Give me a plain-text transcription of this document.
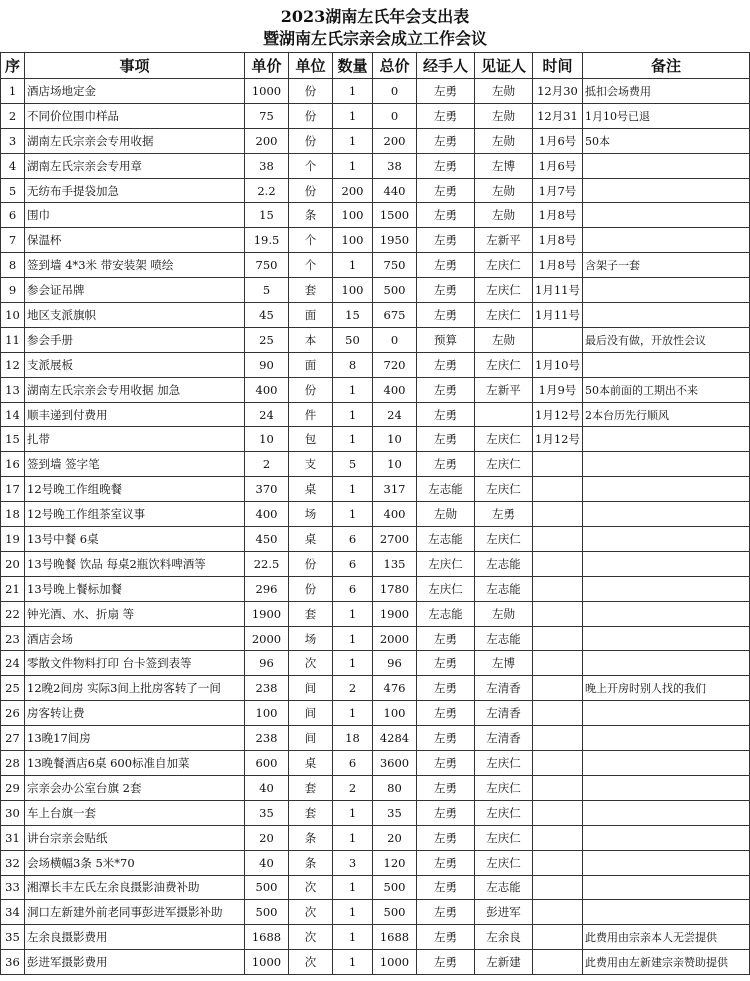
2023湖南左氏年会支出表
暨湖南左氏宗亲会成立工作会议
序	事项	单价	单位	数量	总价	经手人	见证人	时间	备注
1	酒店场地定金	1000	份	1	0	左勇	左勋	12月30	抵扣会场费用
2	不同价位围巾样品	75	份	1	0	左勇	左勋	12月31	1月10号已退
3	湖南左氏宗亲会专用收据	200	份	1	200	左勇	左勋	1月6号	50本
4	湖南左氏宗亲会专用章	38	个	1	38	左勇	左博	1月6号	
5	无纺布手提袋加急	2.2	份	200	440	左勇	左勋	1月7号	
6	围巾	15	条	100	1500	左勇	左勋	1月8号	
7	保温杯	19.5	个	100	1950	左勇	左新平	1月8号	
8	签到墙 4*3米 带安装架 喷绘	750	个	1	750	左勇	左庆仁	1月8号	含架子一套
9	参会证吊牌	5	套	100	500	左勇	左庆仁	1月11号	
10	地区支派旗帜	45	面	15	675	左勇	左庆仁	1月11号	
11	参会手册	25	本	50	0	预算	左勋		最后没有做，开放性会议
12	支派展板	90	面	8	720	左勇	左庆仁	1月10号	
13	湖南左氏宗亲会专用收据 加急	400	份	1	400	左勇	左新平	1月9号	50本前面的工期出不来
14	顺丰递到付费用	24	件	1	24	左勇		1月12号	2本台历先行顺风
15	扎带	10	包	1	10	左勇	左庆仁	1月12号	
16	签到墙 签字笔	2	支	5	10	左勇	左庆仁		
17	12号晚工作组晚餐	370	桌	1	317	左志能	左庆仁		
18	12号晚工作组茶室议事	400	场	1	400	左勋	左勇		
19	13号中餐 6桌	450	桌	6	2700	左志能	左庆仁		
20	13号晚餐 饮品 每桌2瓶饮料啤酒等	22.5	份	6	135	左庆仁	左志能		
21	13号晚上餐标加餐	296	份	6	1780	左庆仁	左志能		
22	钟光酒、水、折扇 等	1900	套	1	1900	左志能	左勋		
23	酒店会场	2000	场	1	2000	左勇	左志能		
24	零散文件物料打印 台卡签到表等	96	次	1	96	左勇	左博		
25	12晚2间房 实际3间上批房客转了一间	238	间	2	476	左勇	左清香		晚上开房时别人找的我们
26	房客转让费	100	间	1	100	左勇	左清香		
27	13晚17间房	238	间	18	4284	左勇	左清香		
28	13晚餐酒店6桌 600标准自加菜	600	桌	6	3600	左勇	左庆仁		
29	宗亲会办公室台旗 2套	40	套	2	80	左勇	左庆仁		
30	车上台旗一套	35	套	1	35	左勇	左庆仁		
31	讲台宗亲会贴纸	20	条	1	20	左勇	左庆仁		
32	会场横幅3条 5米*70	40	条	3	120	左勇	左庆仁		
33	湘潭长丰左氏左余良摄影油费补助	500	次	1	500	左勇	左志能		
34	洞口左新建外前老同事彭进军摄影补助	500	次	1	500	左勇	彭进军		
35	左余良摄影费用	1688	次	1	1688	左勇	左余良		此费用由宗亲本人无尝提供
36	彭进军摄影费用	1000	次	1	1000	左勇	左新建		此费用由左新建宗亲赞助提供
